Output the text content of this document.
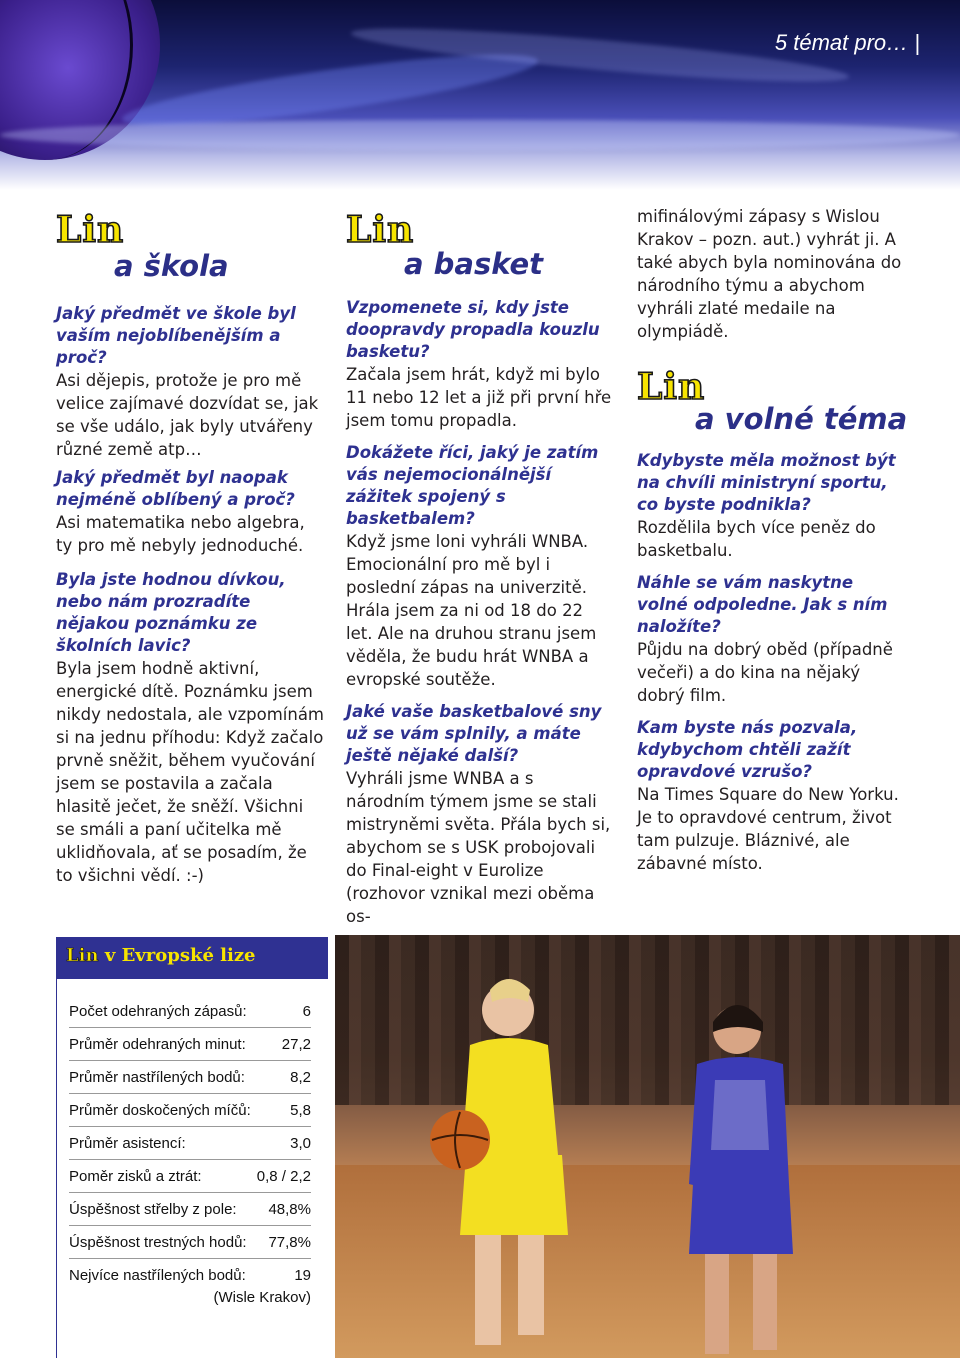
5 témat pro… |
Lin
a škola

Jaký předmět ve škole byl vaším nejoblíbenějším a proč?

Asi dějepis, protože je pro mě velice zajímavé dozvídat se, jak se vše událo, jak byly utvářeny různé země atp…

Jaký předmět byl naopak nejméně oblíbený a proč?

Asi matematika nebo algebra, ty pro mě nebyly jednoduché.

Byla jste hodnou dívkou, nebo nám prozradíte nějakou poznámku ze školních lavic?

Byla jsem hodně aktivní, energické dítě. Poznámku jsem nikdy nedostala, ale vzpomínám si na jednu příhodu: Když začalo prvně sněžit, během vyučování jsem se postavila a začala hlasitě ječet, že sněží. Všichni se smáli a paní učitelka mě uklidňovala, ať se posadím, že to všichni vědí. :-)

Lin
a basket

Vzpomenete si, kdy jste doopravdy propadla kouzlu basketu?

Začala jsem hrát, když mi bylo 11 nebo 12 let a již při první hře jsem tomu propadla.

Dokážete říci, jaký je zatím vás nejemocionálnější zážitek spojený s basketbalem?

Když jsme loni vyhráli WNBA. Emocionální pro mě byl i poslední zápas na univerzitě. Hrála jsem za ni od 18 do 22 let. Ale na druhou stranu jsem věděla, že budu hrát WNBA a evropské soutěže.

Jaké vaše basketbalové sny už se vám splnily, a máte ještě nějaké další?

Vyhráli jsme WNBA a s národním týmem jsme se stali mistryněmi světa. Přála bych si, abychom se s USK probojovali do Final-eight v Eurolize (rozhovor vznikal mezi oběma os-

mifinálovými zápasy s Wislou Krakov – pozn. aut.) vyhrát ji. A také abych byla nominována do národního týmu a abychom vyhráli zlaté medaile na olympiádě.

Lin
a volné téma

Kdybyste měla možnost být na chvíli ministryní sportu, co byste podnikla?

Rozdělila bych více peněz do basketbalu.

Náhle se vám naskytne volné odpoledne. Jak s ním naložíte?

Půjdu na dobrý oběd (případně večeři) a do kina na nějaký dobrý film.

Kam byste nás pozvala, kdybychom chtěli zažít opravdové vzrušo?

Na Times Square do New Yorku. Je to opravdové centrum, život tam pulzuje. Bláznivé, ale zábavné místo.

Lin v Evropské lize
Počet odehraných zápasů:	6
Průměr odehraných minut: 27,2
Průměr nastřílených bodů:	8,2
Průměr doskočených míčů:	5,8
Průměr asistencí:	3,0
Poměr zisků a ztrát:	0,8 / 2,2
Úspěšnost střelby z pole: 48,8%
Úspěšnost trestných hodů: 77,8%
Nejvíce nastřílených bodů:	19
(Wisle Krakov)
